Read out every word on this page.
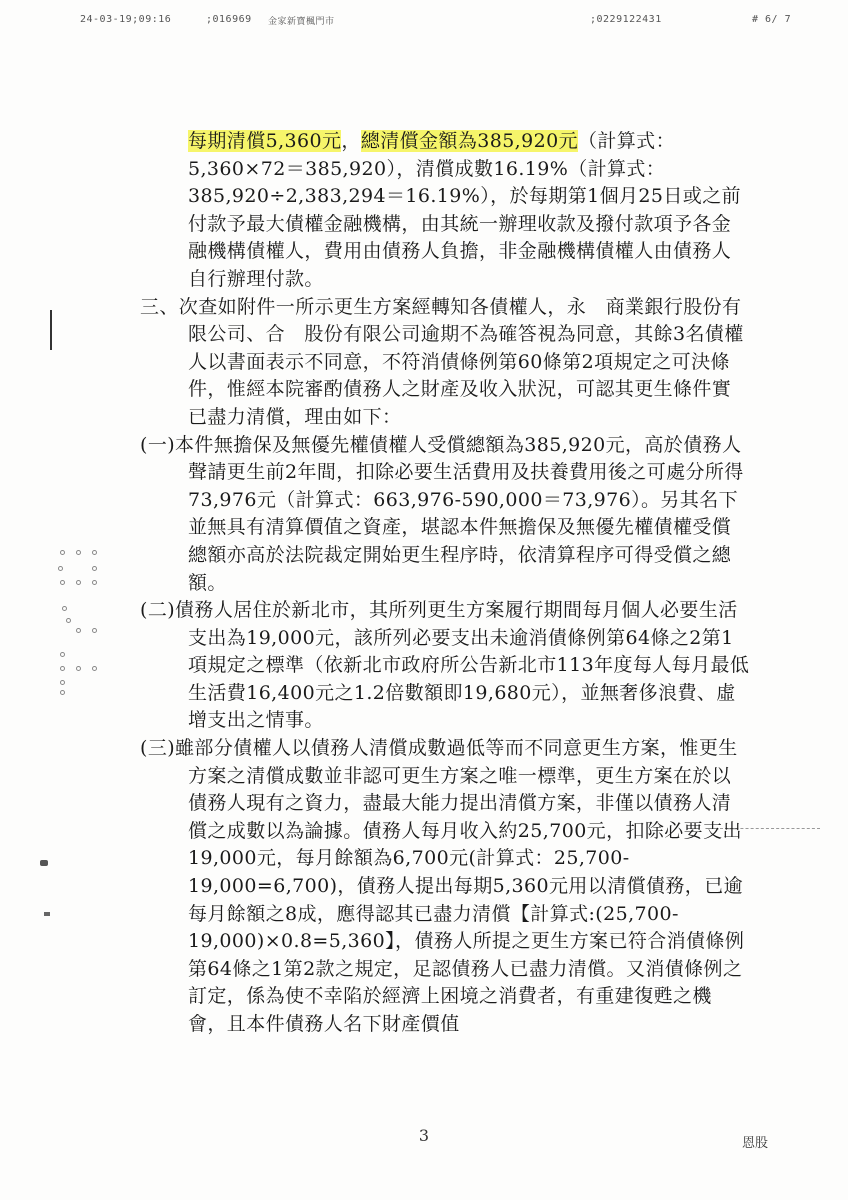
24-03-19;09:16	;016969 金家新寶楓門市	;0229122431	# 6/ 7
每期清償5,360元，總清償金額為385,920元（計算式：5,360×72＝385,920），清償成數16.19%（計算式：385,920÷2,383,294＝16.19%），於每期第1個月25日或之前付款予最大債權金融機構，由其統一辦理收款及撥付款項予各金融機構債權人，費用由債務人負擔，非金融機構債權人由債務人自行辦理付款。
三、次查如附件一所示更生方案經轉知各債權人，永　商業銀行股份有限公司、合　股份有限公司逾期不為確答視為同意，其餘3名債權人以書面表示不同意，不符消債條例第60條第2項規定之可決條件，惟經本院審酌債務人之財產及收入狀況，可認其更生條件實已盡力清償，理由如下：
(一)本件無擔保及無優先權債權人受償總額為385,920元，高於債務人聲請更生前2年間，扣除必要生活費用及扶養費用後之可處分所得73,976元（計算式：663,976-590,000＝73,976）。另其名下並無具有清算價值之資產，堪認本件無擔保及無優先權債權受償總額亦高於法院裁定開始更生程序時，依清算程序可得受償之總額。
(二)債務人居住於新北市，其所列更生方案履行期間每月個人必要生活支出為19,000元，該所列必要支出未逾消債條例第64條之2第1項規定之標準（依新北市政府所公告新北市113年度每人每月最低生活費16,400元之1.2倍數額即19,680元），並無奢侈浪費、虛增支出之情事。
(三)雖部分債權人以債務人清償成數過低等而不同意更生方案，惟更生方案之清償成數並非認可更生方案之唯一標準，更生方案在於以債務人現有之資力，盡最大能力提出清償方案，非僅以債務人清償之成數以為論據。債務人每月收入約25,700元，扣除必要支出19,000元，每月餘額為6,700元(計算式：25,700-19,000=6,700)，債務人提出每期5,360元用以清償債務，已逾每月餘額之8成，應得認其已盡力清償【計算式:(25,700-19,000)×0.8=5,360】，債務人所提之更生方案已符合消債條例第64條之1第2款之規定，足認債務人已盡力清償。又消債條例之訂定，係為使不幸陷於經濟上困境之消費者，有重建復甦之機會，且本件債務人名下財產價值
3	恩股
